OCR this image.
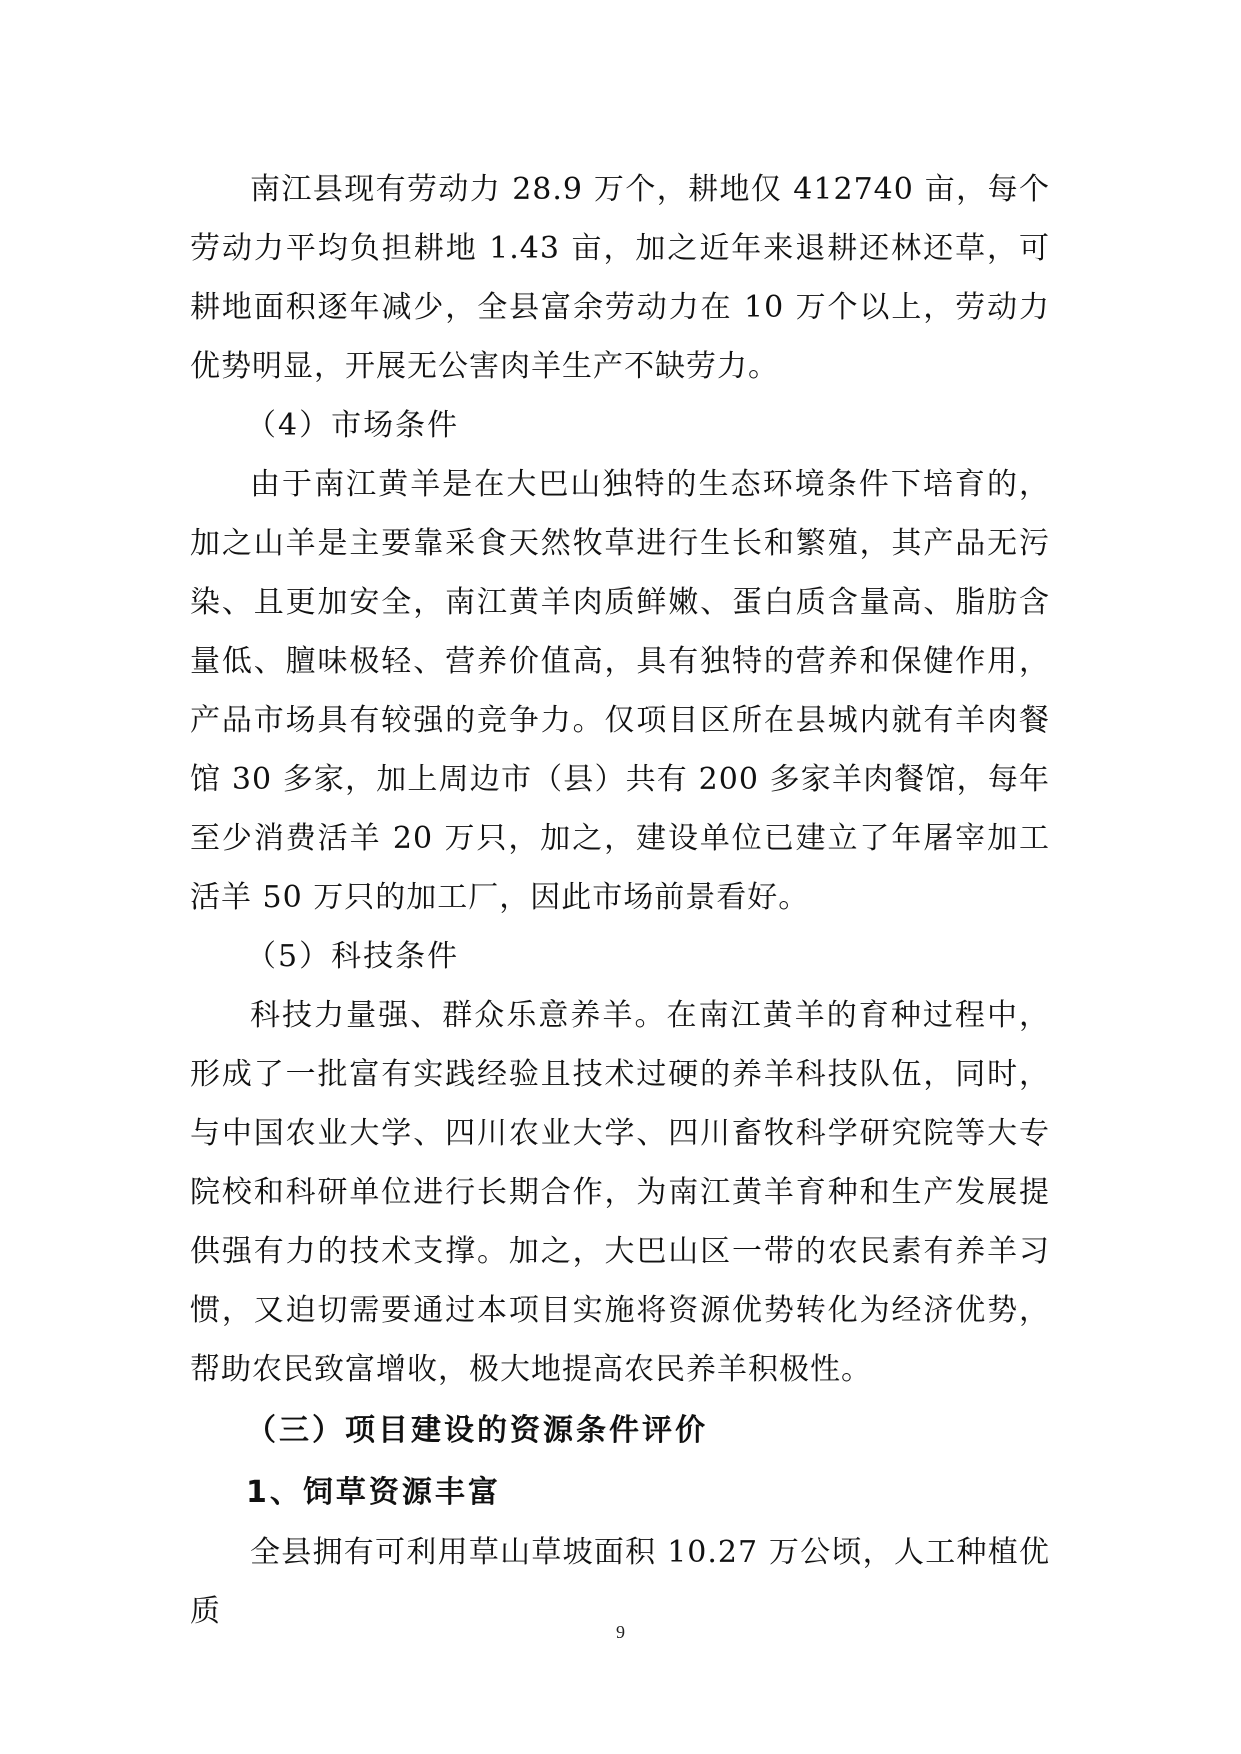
南江县现有劳动力 28.9 万个，耕地仅 412740 亩，每个劳动力平均负担耕地 1.43 亩，加之近年来退耕还林还草，可耕地面积逐年减少，全县富余劳动力在 10 万个以上，劳动力优势明显，开展无公害肉羊生产不缺劳力。

（4）市场条件

由于南江黄羊是在大巴山独特的生态环境条件下培育的，加之山羊是主要靠采食天然牧草进行生长和繁殖，其产品无污染、且更加安全，南江黄羊肉质鲜嫩、蛋白质含量高、脂肪含量低、膻味极轻、营养价值高，具有独特的营养和保健作用，产品市场具有较强的竞争力。仅项目区所在县城内就有羊肉餐馆 30 多家，加上周边市（县）共有 200 多家羊肉餐馆，每年至少消费活羊 20 万只，加之，建设单位已建立了年屠宰加工活羊 50 万只的加工厂，因此市场前景看好。

（5）科技条件

科技力量强、群众乐意养羊。在南江黄羊的育种过程中，形成了一批富有实践经验且技术过硬的养羊科技队伍，同时，与中国农业大学、四川农业大学、四川畜牧科学研究院等大专院校和科研单位进行长期合作，为南江黄羊育种和生产发展提供强有力的技术支撑。加之，大巴山区一带的农民素有养羊习惯，又迫切需要通过本项目实施将资源优势转化为经济优势，帮助农民致富增收，极大地提高农民养羊积极性。

（三）项目建设的资源条件评价

1、饲草资源丰富

全县拥有可利用草山草坡面积 10.27 万公顷，人工种植优质

9
